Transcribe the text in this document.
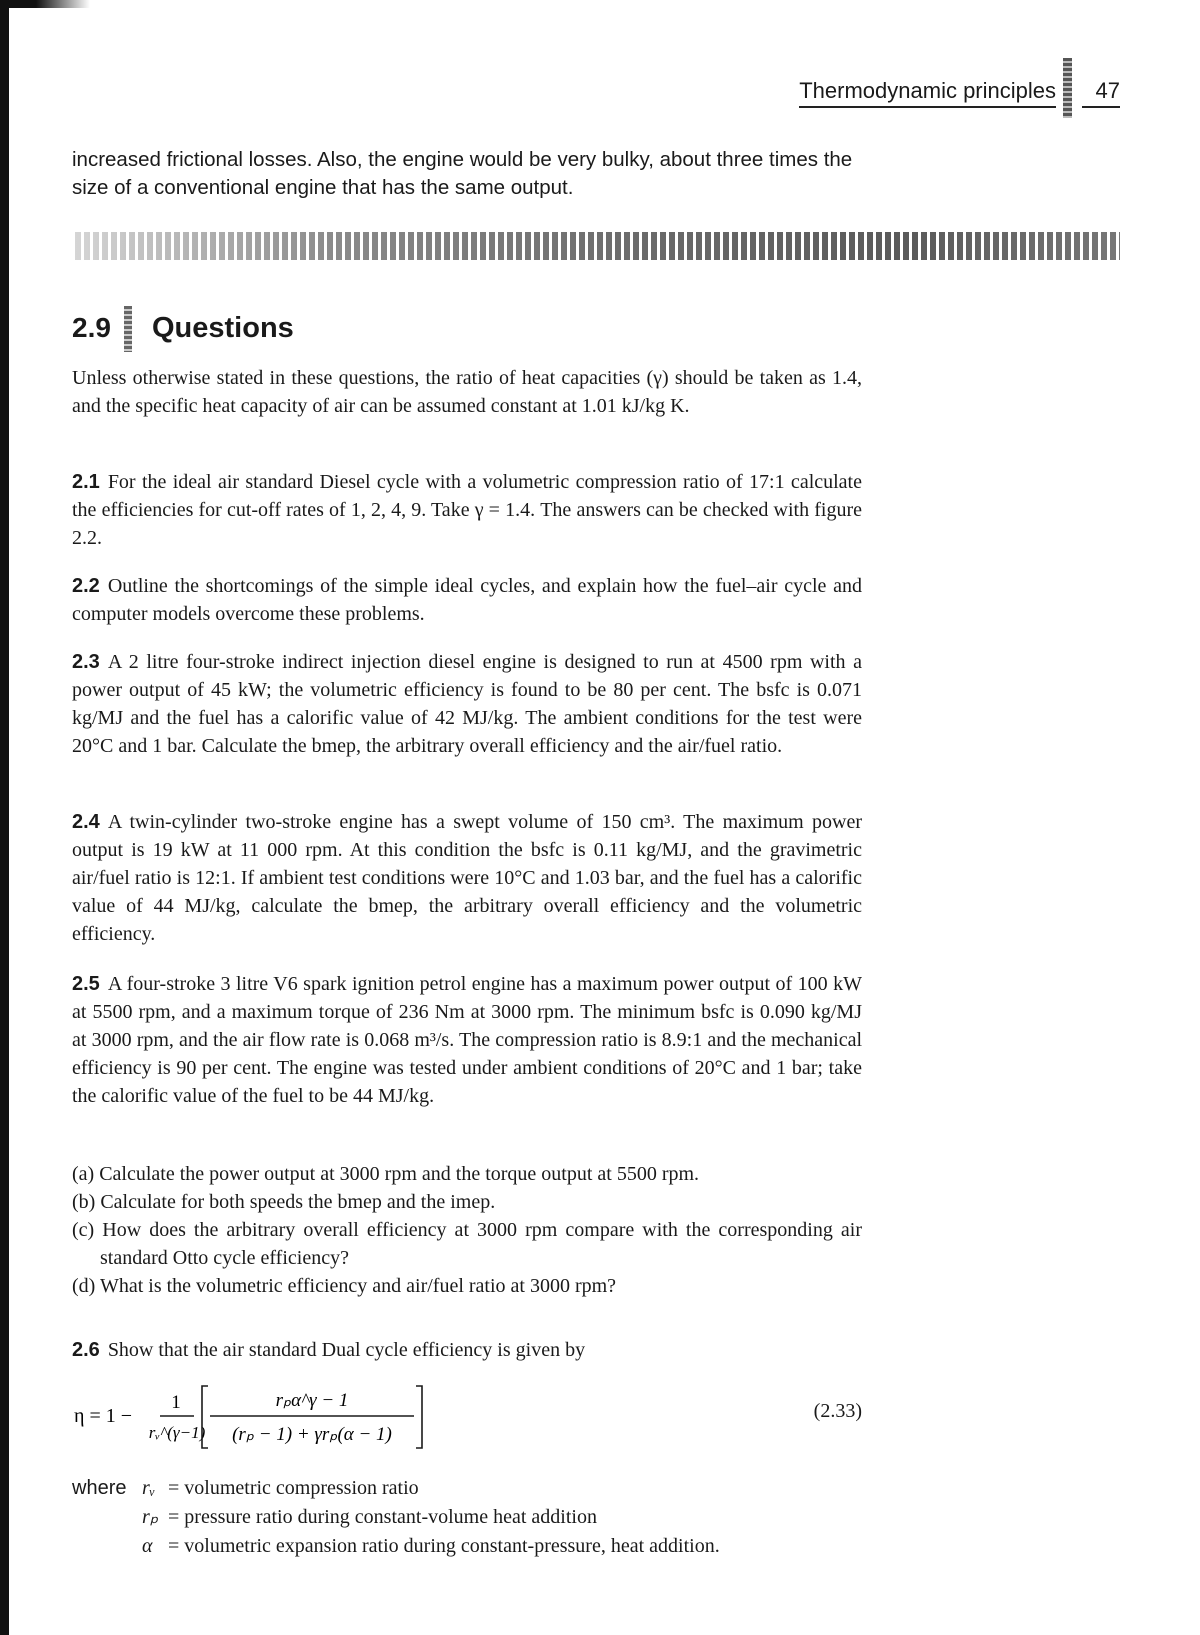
Thermodynamic principles	47

increased frictional losses. Also, the engine would be very bulky, about three times the size of a conventional engine that has the same output.

2.9 Questions

Unless otherwise stated in these questions, the ratio of heat capacities (γ) should be taken as 1.4, and the specific heat capacity of air can be assumed constant at 1.01 kJ/kg K.

2.1 For the ideal air standard Diesel cycle with a volumetric compression ratio of 17:1 calculate the efficiencies for cut-off rates of 1, 2, 4, 9. Take γ = 1.4. The answers can be checked with figure 2.2.

2.2 Outline the shortcomings of the simple ideal cycles, and explain how the fuel–air cycle and computer models overcome these problems.

2.3 A 2 litre four-stroke indirect injection diesel engine is designed to run at 4500 rpm with a power output of 45 kW; the volumetric efficiency is found to be 80 per cent. The bsfc is 0.071 kg/MJ and the fuel has a calorific value of 42 MJ/kg. The ambient conditions for the test were 20°C and 1 bar. Calculate the bmep, the arbitrary overall efficiency and the air/fuel ratio.

2.4 A twin-cylinder two-stroke engine has a swept volume of 150 cm³. The maximum power output is 19 kW at 11 000 rpm. At this condition the bsfc is 0.11 kg/MJ, and the gravimetric air/fuel ratio is 12:1. If ambient test conditions were 10°C and 1.03 bar, and the fuel has a calorific value of 44 MJ/kg, calculate the bmep, the arbitrary overall efficiency and the volumetric efficiency.

2.5 A four-stroke 3 litre V6 spark ignition petrol engine has a maximum power output of 100 kW at 5500 rpm, and a maximum torque of 236 Nm at 3000 rpm. The minimum bsfc is 0.090 kg/MJ at 3000 rpm, and the air flow rate is 0.068 m³/s. The compression ratio is 8.9:1 and the mechanical efficiency is 90 per cent. The engine was tested under ambient conditions of 20°C and 1 bar; take the calorific value of the fuel to be 44 MJ/kg.

(a) Calculate the power output at 3000 rpm and the torque output at 5500 rpm.
(b) Calculate for both speeds the bmep and the imep.
(c) How does the arbitrary overall efficiency at 3000 rpm compare with the corresponding air standard Otto cycle efficiency?
(d) What is the volumetric efficiency and air/fuel ratio at 3000 rpm?

2.6 Show that the air standard Dual cycle efficiency is given by

η = 1 −
1
rᵥ^(γ−1)
rₚα^γ − 1
(rₚ − 1) + γrₚ(α − 1)
(2.33)
where rᵥ = volumetric compression ratio
rₚ = pressure ratio during constant-volume heat addition
α = volumetric expansion ratio during constant-pressure, heat addition.
